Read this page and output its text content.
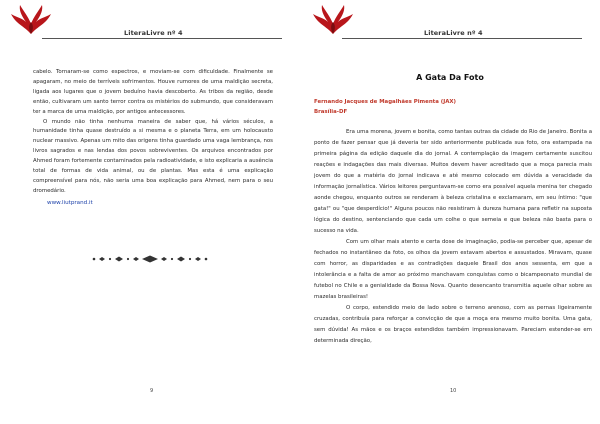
LiteraLivre nº 4

cabelo. Tornaram-se como espectros, e moviam-se com dificuldade. Finalmente se apagaram, no meio de terríveis sofrimentos. Houve rumores de uma maldição secreta, ligada aos lugares que o jovem beduíno havia descoberto. As tribos da região, desde então, cultivaram um santo terror contra os mistérios do submundo, que consideravam ter a marca de uma maldição, por antigos antecessores.

O mundo não tinha nenhuma maneira de saber que, há vários séculos, a humanidade tinha quase destruído a si mesma e o planeta Terra, em um holocausto nuclear massivo. Apenas um mito das origens tinha guardado uma vaga lembrança, nos livros sagrados e nas lendas dos povos sobreviventes. Os arquivos encontrados por Ahmed foram fortemente contaminados pela radioatividade, e isto explicaria a ausência total de formas de vida animal, ou de plantas. Mas esta é uma explicação compreensível para nós, não seria uma boa explicação para Ahmed, nem para o seu dromedário.

www.liutprand.it
9
LiteraLivre nº 4
A Gata Da Foto
Fernando Jacques de Magalhães Pimenta (JAX)
Brasília-DF

Era uma morena, jovem e bonita, como tantas outras da cidade do Rio de Janeiro. Bonita a ponto de fazer pensar que já deveria ter sido anteriormente publicada sua foto, ora estampada na primeira página da edição daquele dia do jornal. A contemplação da imagem certamente suscitou reações e indagações das mais diversas. Muitos devem haver acreditado que a moça parecia mais jovem do que a matéria do jornal indicava e até mesmo colocado em dúvida a veracidade da informação jornalística. Vários leitores perguntavam-se como era possível aquela menina ter chegado aonde chegou, enquanto outros se renderam à beleza cristalina e exclamaram, em seu íntimo: "que gata!" ou "que desperdício!" Alguns poucos não resistiram à dureza humana para refletir na suposta lógica do destino, sentenciando que cada um colhe o que semeia e que beleza não basta para o sucesso na vida.

Com um olhar mais atento e certa dose de imaginação, podia-se perceber que, apesar de fechados no instantâneo da foto, os olhos da jovem estavam abertos e assustados. Miravam, quase com horror, as disparidades e as contradições daquele Brasil dos anos sessenta, em que a intolerância e a falta de amor ao próximo manchavam conquistas como o bicampeonato mundial de futebol no Chile e a genialidade da Bossa Nova. Quanto desencanto transmitia aquele olhar sobre as mazelas brasileiras!

O corpo, estendido meio de lado sobre o terreno arenoso, com as pernas ligeiramente cruzadas, contribuía para reforçar a convicção de que a moça era mesmo muito bonita. Uma gata, sem dúvida! As mãos e os braços estendidos também impressionavam. Pareciam estender-se em determinada direção,

10
